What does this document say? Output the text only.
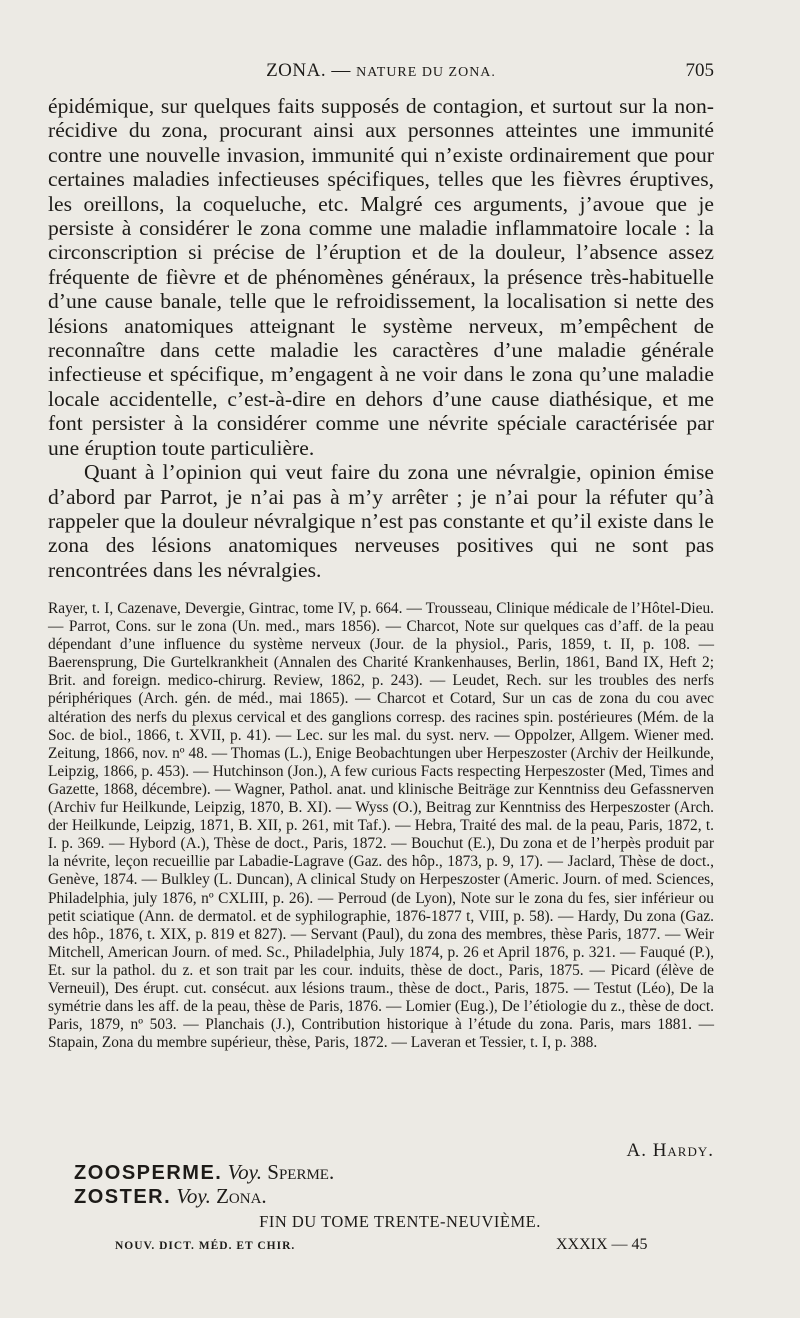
ZONA. — NATURE DU ZONA.	705

épidémique, sur quelques faits supposés de contagion, et surtout sur la non-récidive du zona, procurant ainsi aux personnes atteintes une immunité contre une nouvelle invasion, immunité qui n’existe ordinairement que pour certaines maladies infectieuses spécifiques, telles que les fièvres éruptives, les oreillons, la coqueluche, etc. Malgré ces arguments, j’avoue que je persiste à considérer le zona comme une maladie inflammatoire locale : la circonscription si précise de l’éruption et de la douleur, l’absence assez fréquente de fièvre et de phénomènes généraux, la présence très-habituelle d’une cause banale, telle que le refroidissement, la localisation si nette des lésions anatomiques atteignant le système nerveux, m’empêchent de reconnaître dans cette maladie les caractères d’une maladie générale infectieuse et spécifique, m’engagent à ne voir dans le zona qu’une maladie locale accidentelle, c’est-à-dire en dehors d’une cause diathésique, et me font persister à la considérer comme une névrite spéciale caractérisée par une éruption toute particulière.

Quant à l’opinion qui veut faire du zona une névralgie, opinion émise d’abord par Parrot, je n’ai pas à m’y arrêter ; je n’ai pour la réfuter qu’à rappeler que la douleur névralgique n’est pas constante et qu’il existe dans le zona des lésions anatomiques nerveuses positives qui ne sont pas rencontrées dans les névralgies.

Rayer, t. I, Cazenave, Devergie, Gintrac, tome IV, p. 664. — Trousseau, Clinique médicale de l’Hôtel-Dieu. — Parrot, Cons. sur le zona (Un. med., mars 1856). — Charcot, Note sur quelques cas d’aff. de la peau dépendant d’une influence du système nerveux (Jour. de la physiol., Paris, 1859, t. II, p. 108. — Baerensprung, Die Gurtelkrankheit (Annalen des Charité Krankenhauses, Berlin, 1861, Band IX, Heft 2; Brit. and foreign. medico-chirurg. Review, 1862, p. 243). — Leudet, Rech. sur les troubles des nerfs périphériques (Arch. gén. de méd., mai 1865). — Charcot et Cotard, Sur un cas de zona du cou avec altération des nerfs du plexus cervical et des ganglions corresp. des racines spin. postérieures (Mém. de la Soc. de biol., 1866, t. XVII, p. 41). — Lec. sur les mal. du syst. nerv. — Oppolzer, Allgem. Wiener med. Zeitung, 1866, nov. nº 48. — Thomas (L.), Enige Beobachtungen uber Herpeszoster (Archiv der Heilkunde, Leipzig, 1866, p. 453). — Hutchinson (Jon.), A few curious Facts respecting Herpeszoster (Med, Times and Gazette, 1868, décembre). — Wagner, Pathol. anat. und klinische Beiträge zur Kenntniss deu Gefassnerven (Archiv fur Heilkunde, Leipzig, 1870, B. XI). — Wyss (O.), Beitrag zur Kenntniss des Herpeszoster (Arch. der Heilkunde, Leipzig, 1871, B. XII, p. 261, mit Taf.). — Hebra, Traité des mal. de la peau, Paris, 1872, t. I. p. 369. — Hybord (A.), Thèse de doct., Paris, 1872. — Bouchut (E.), Du zona et de l’herpès produit par la névrite, leçon recueillie par Labadie-Lagrave (Gaz. des hôp., 1873, p. 9, 17). — Jaclard, Thèse de doct., Genève, 1874. — Bulkley (L. Duncan), A clinical Study on Herpeszoster (Americ. Journ. of med. Sciences, Philadelphia, july 1876, nº CXLIII, p. 26). — Perroud (de Lyon), Note sur le zona du fes, sier inférieur ou petit sciatique (Ann. de dermatol. et de syphilographie, 1876-1877 t, VIII, p. 58). — Hardy, Du zona (Gaz. des hôp., 1876, t. XIX, p. 819 et 827). — Servant (Paul), du zona des membres, thèse Paris, 1877. — Weir Mitchell, American Journ. of med. Sc., Philadelphia, July 1874, p. 26 et April 1876, p. 321. — Fauqué (P.), Et. sur la pathol. du z. et son trait par les cour. induits, thèse de doct., Paris, 1875. — Picard (élève de Verneuil), Des érupt. cut. consécut. aux lésions traum., thèse de doct., Paris, 1875. — Testut (Léo), De la symétrie dans les aff. de la peau, thèse de Paris, 1876. — Lomier (Eug.), De l’étiologie du z., thèse de doct. Paris, 1879, nº 503. — Planchais (J.), Contribution historique à l’étude du zona. Paris, mars 1881. — Stapain, Zona du membre supérieur, thèse, Paris, 1872. — Laveran et Tessier, t. I, p. 388.

A. Hardy.
ZOOSPERME. Voy. Sperme.
ZOSTER. Voy. Zona.
FIN DU TOME TRENTE-NEUVIÈME.
NOUV. DICT. MÉD. ET CHIR.	XXXIX — 45
